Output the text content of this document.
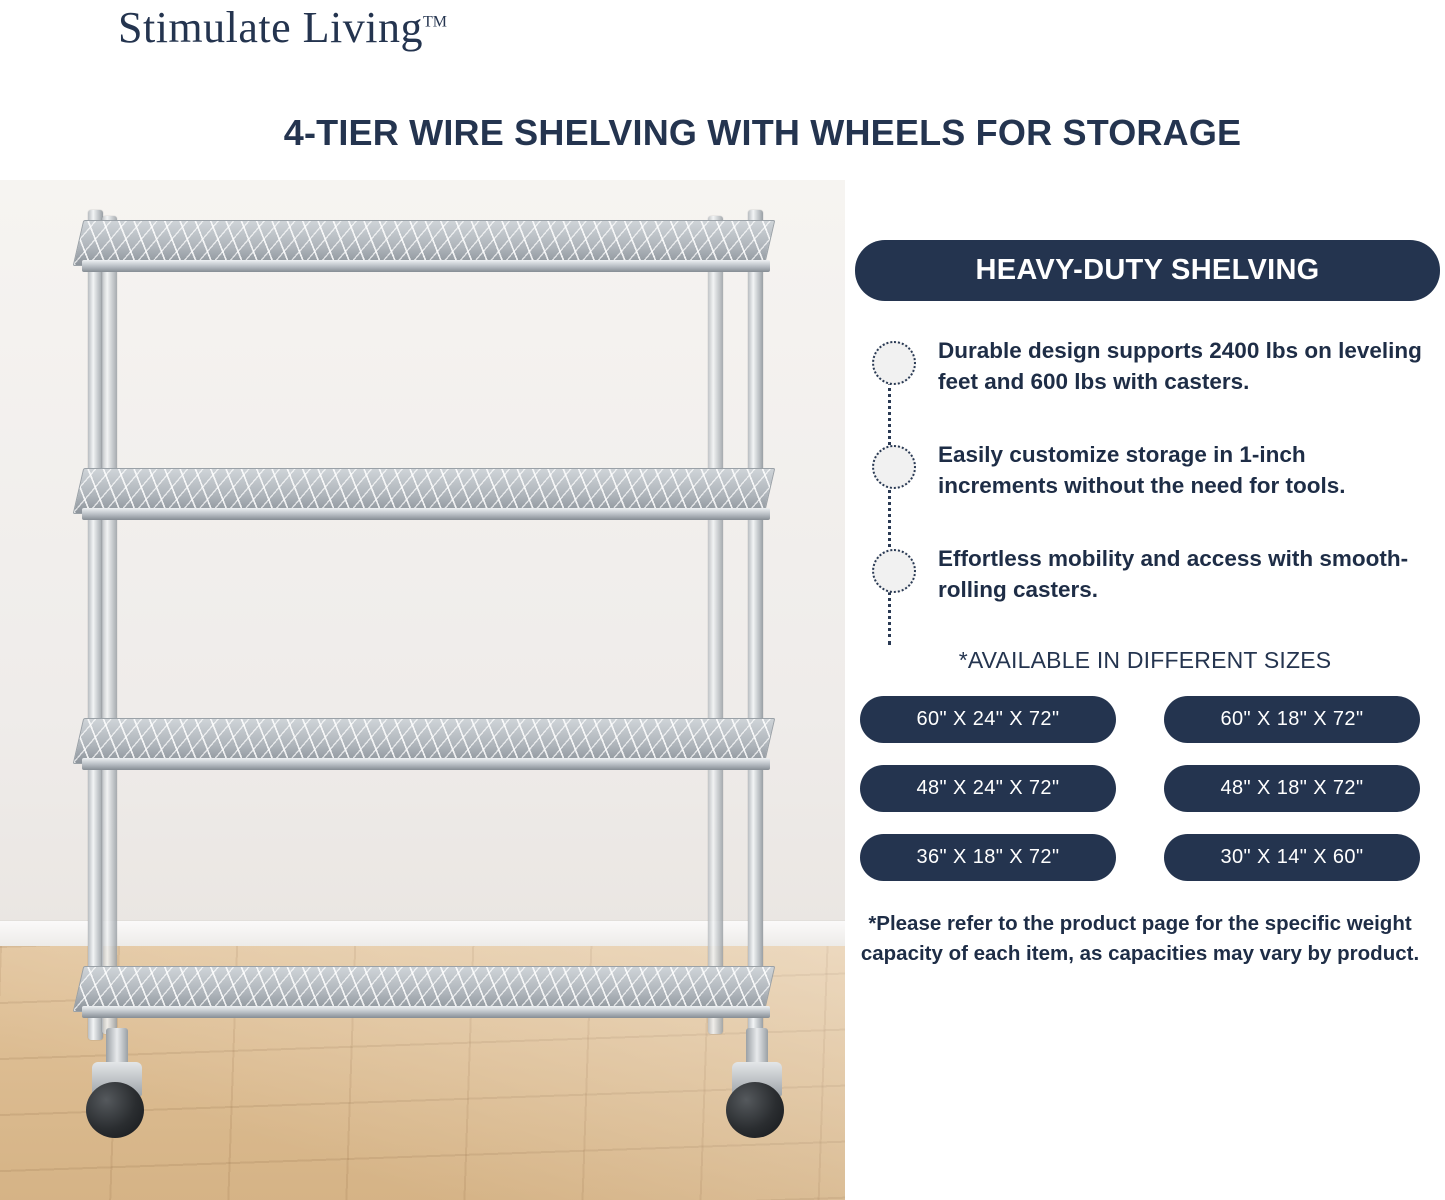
Stimulate Living™
4-TIER WIRE SHELVING WITH WHEELS FOR STORAGE
HEAVY-DUTY SHELVING
Durable design supports 2400 lbs on leveling feet and 600 lbs with casters.
Easily customize storage in 1-inch increments without the need for tools.
Effortless mobility and access with smooth-rolling casters.
*AVAILABLE IN DIFFERENT SIZES
60" X 24" X 72"	60" X 18" X 72"
48" X 24" X 72"	48" X 18" X 72"
36" X 18" X 72"	30" X 14" X 60"
*Please refer to the product page for the specific weight capacity of each item, as capacities may vary by product.
